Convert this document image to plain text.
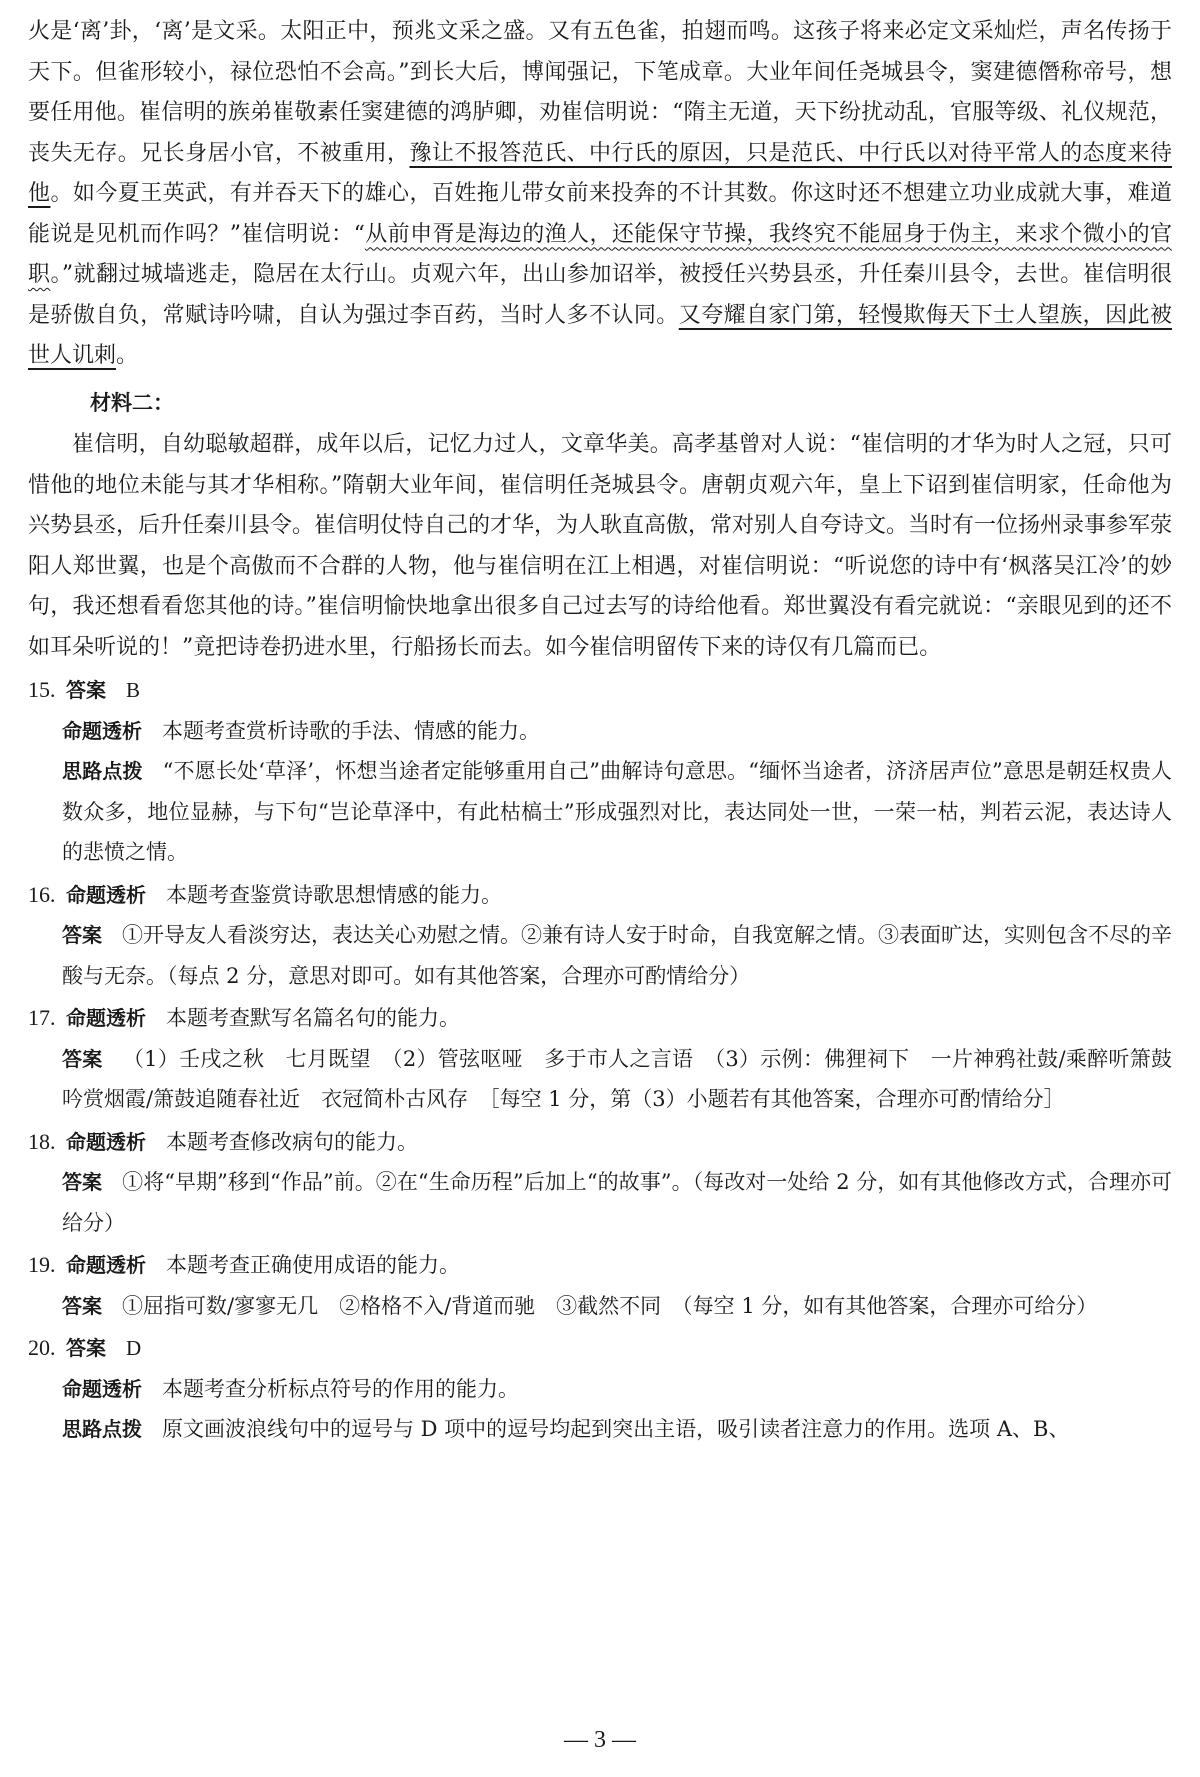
火是‘离’卦，‘离’是文采。太阳正中，预兆文采之盛。又有五色雀，拍翅而鸣。这孩子将来必定文采灿烂，声名传扬于天下。但雀形较小，禄位恐怕不会高。”到长大后，博闻强记，下笔成章。大业年间任尧城县令，窦建德僭称帝号，想要任用他。崔信明的族弟崔敬素任窦建德的鸿胪卿，劝崔信明说：“隋主无道，天下纷扰动乱，官服等级、礼仪规范，丧失无存。兄长身居小官，不被重用，豫让不报答范氏、中行氏的原因，只是范氏、中行氏以对待平常人的态度来待他。如今夏王英武，有并吞天下的雄心，百姓拖儿带女前来投奔的不计其数。你这时还不想建立功业成就大事，难道能说是见机而作吗？”崔信明说：“从前申胥是海边的渔人，还能保守节操，我终究不能屈身于伪主，来求个微小的官职。”就翻过城墙逃走，隐居在太行山。贞观六年，出山参加诏举，被授任兴势县丞，升任秦川县令，去世。崔信明很是骄傲自负，常赋诗吟啸，自认为强过李百药，当时人多不认同。又夸耀自家门第，轻慢欺侮天下士人望族，因此被世人讥刺。

材料二：

崔信明，自幼聪敏超群，成年以后，记忆力过人，文章华美。高孝基曾对人说：“崔信明的才华为时人之冠，只可惜他的地位未能与其才华相称。”隋朝大业年间，崔信明任尧城县令。唐朝贞观六年，皇上下诏到崔信明家，任命他为兴势县丞，后升任秦川县令。崔信明仗恃自己的才华，为人耿直高傲，常对别人自夸诗文。当时有一位扬州录事参军荥阳人郑世翼，也是个高傲而不合群的人物，他与崔信明在江上相遇，对崔信明说：“听说您的诗中有‘枫落吴江冷’的妙句，我还想看看您其他的诗。”崔信明愉快地拿出很多自己过去写的诗给他看。郑世翼没有看完就说：“亲眼见到的还不如耳朵听说的！”竟把诗卷扔进水里，行船扬长而去。如今崔信明留传下来的诗仅有几篇而已。

15. 答案 B

命题透析 本题考查赏析诗歌的手法、情感的能力。

思路点拨 “不愿长处‘草泽’，怀想当途者定能够重用自己”曲解诗句意思。“缅怀当途者，济济居声位”意思是朝廷权贵人数众多，地位显赫，与下句“岂论草泽中，有此枯槁士”形成强烈对比，表达同处一世，一荣一枯，判若云泥，表达诗人的悲愤之情。

16. 命题透析 本题考查鉴赏诗歌思想情感的能力。

答案 ①开导友人看淡穷达，表达关心劝慰之情。②兼有诗人安于时命，自我宽解之情。③表面旷达，实则包含不尽的辛酸与无奈。（每点 2 分，意思对即可。如有其他答案，合理亦可酌情给分）

17. 命题透析 本题考查默写名篇名句的能力。

答案 （1）壬戌之秋　七月既望　（2）管弦呕哑　多于市人之言语　（3）示例：佛狸祠下　一片神鸦社鼓/乘醉听箫鼓　吟赏烟霞/箫鼓追随春社近　衣冠简朴古风存　［每空 1 分，第（3）小题若有其他答案，合理亦可酌情给分］

18. 命题透析 本题考查修改病句的能力。

答案 ①将“早期”移到“作品”前。②在“生命历程”后加上“的故事”。（每改对一处给 2 分，如有其他修改方式，合理亦可给分）

19. 命题透析 本题考查正确使用成语的能力。

答案 ①屈指可数/寥寥无几　②格格不入/背道而驰　③截然不同　（每空 1 分，如有其他答案，合理亦可给分）

20. 答案 D

命题透析 本题考查分析标点符号的作用的能力。

思路点拨 原文画波浪线句中的逗号与 D 项中的逗号均起到突出主语，吸引读者注意力的作用。选项 A、B、

— 3 —
